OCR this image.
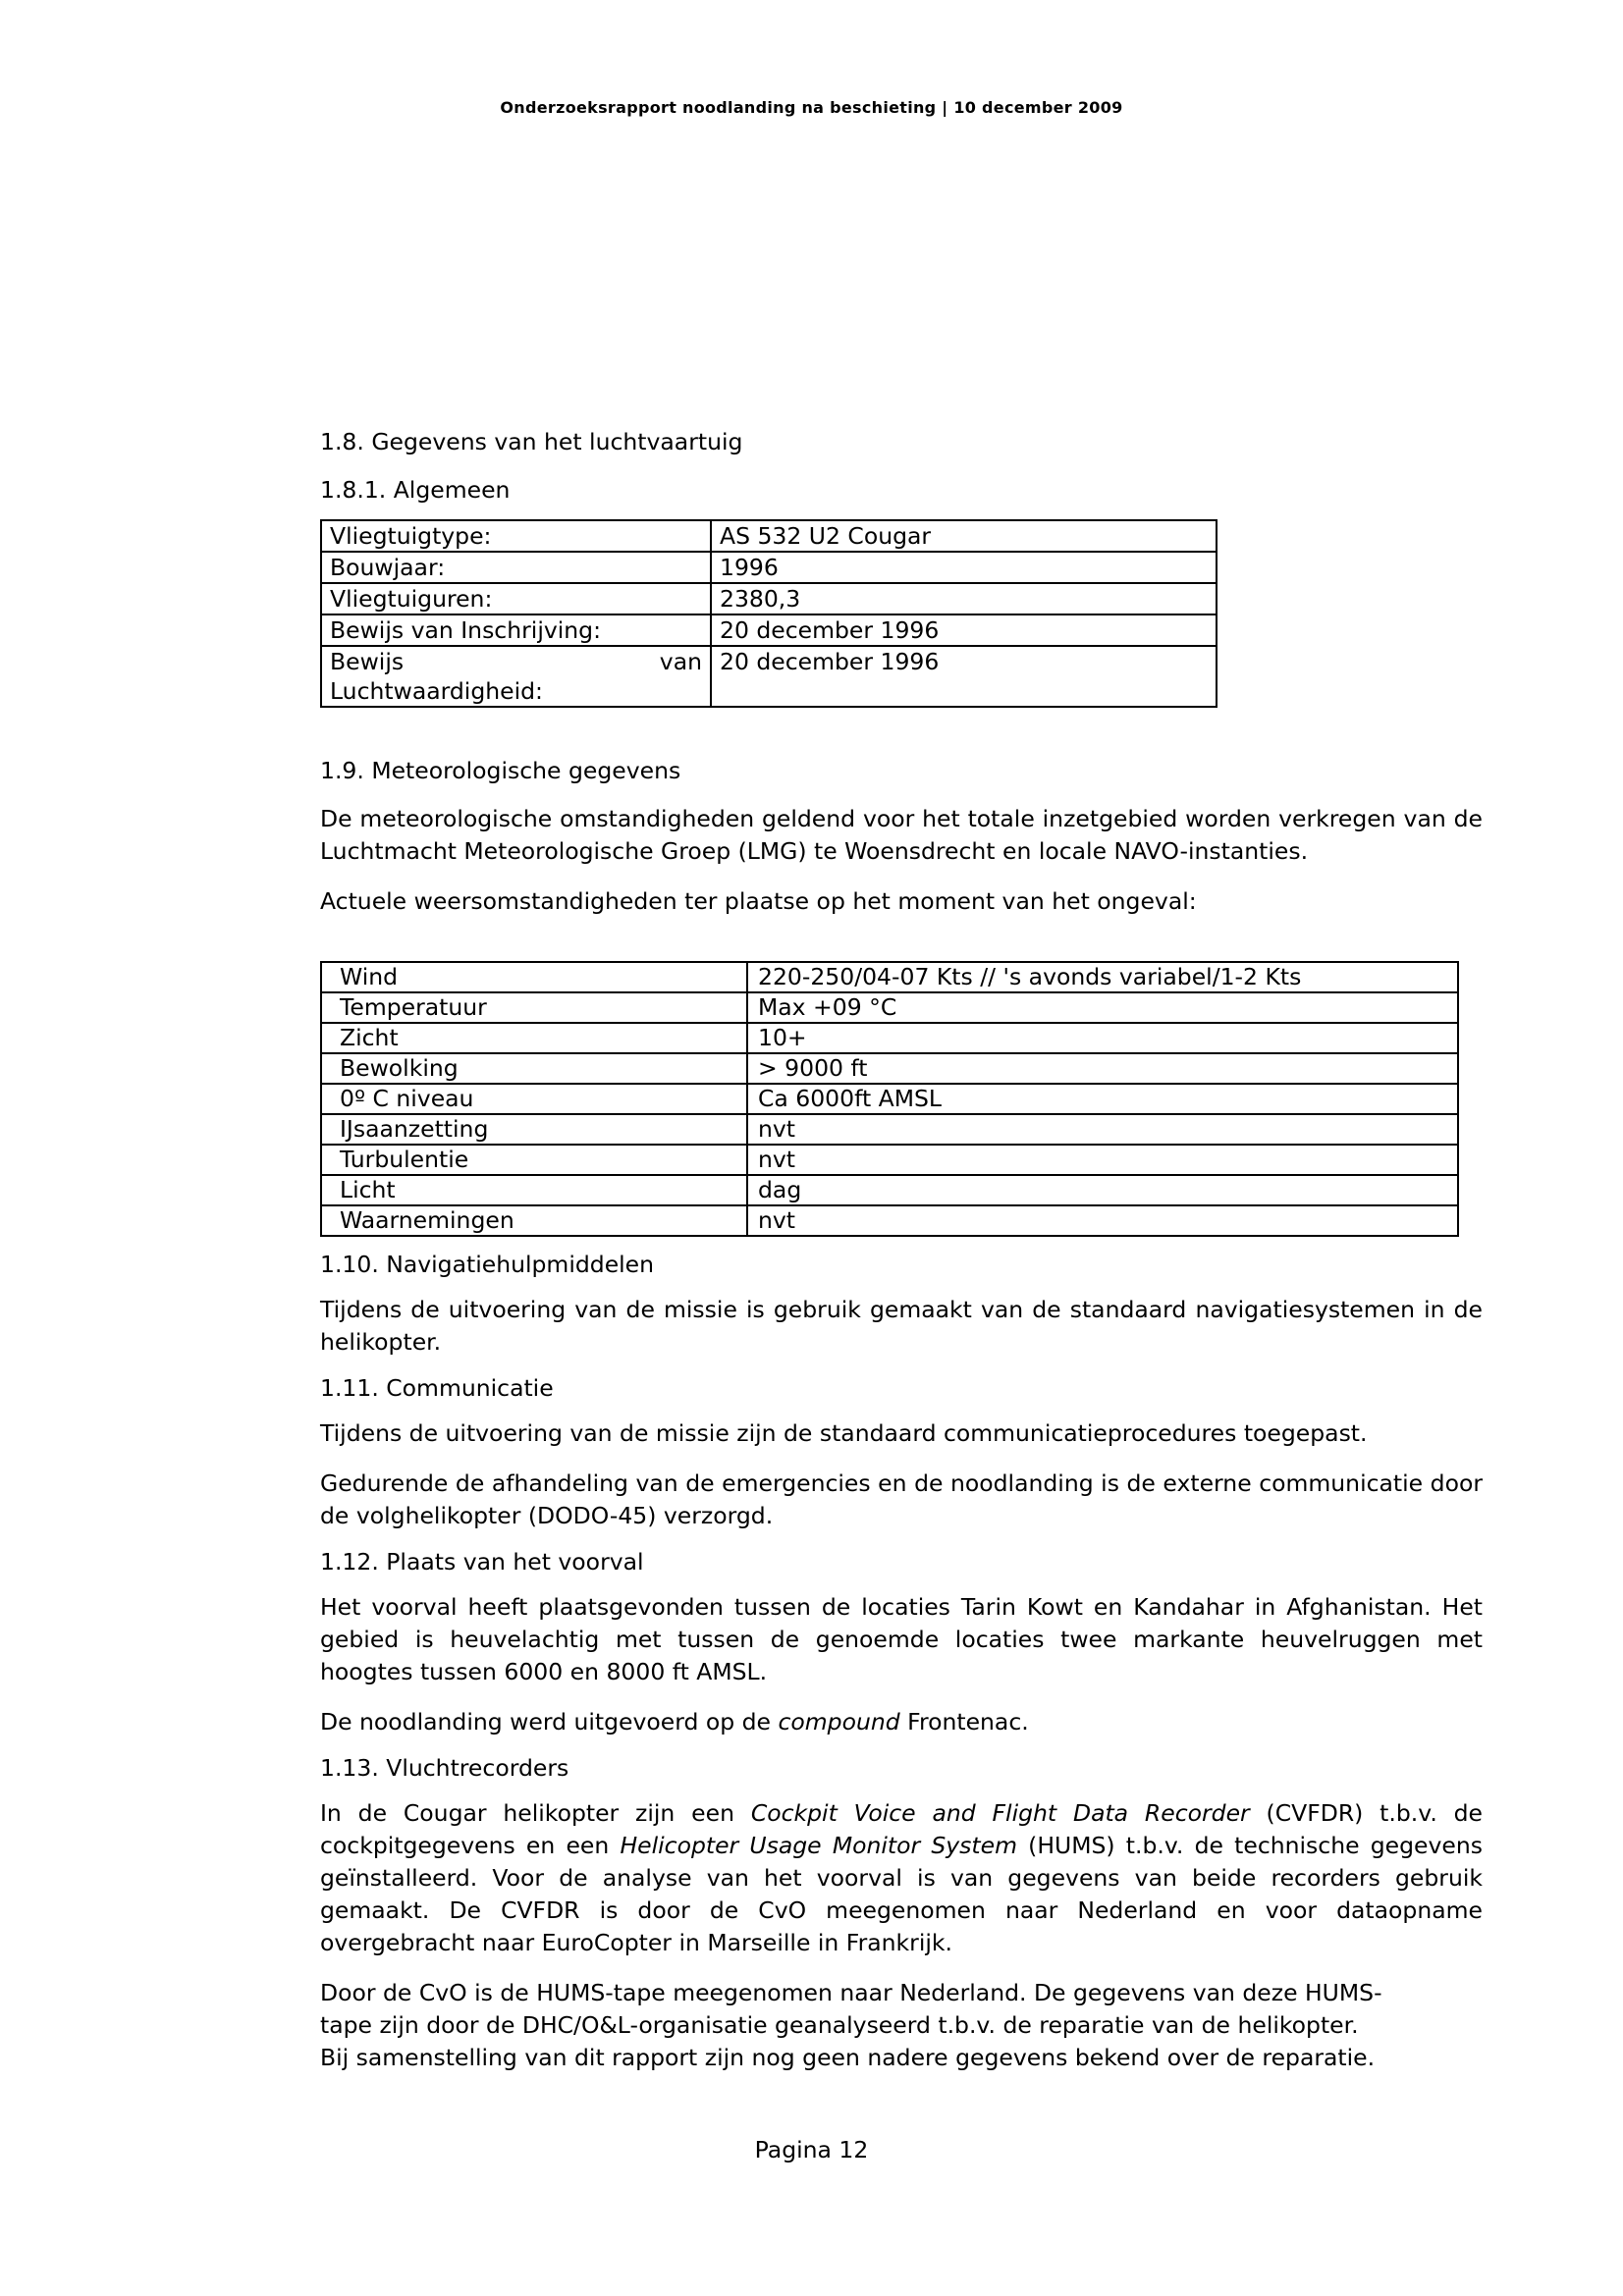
Onderzoeksrapport noodlanding na beschieting | 10 december 2009
1.8. Gegevens van het luchtvaartuig
1.8.1. Algemeen
Vliegtuigtype:	AS 532 U2 Cougar
Bouwjaar:	1996
Vliegtuiguren:	2380,3
Bewijs van Inschrijving:	20 december 1996

Bewijs van
Luchtwaardigheid:	20 december 1996
1.9. Meteorologische gegevens

De meteorologische omstandigheden geldend voor het totale inzetgebied worden verkregen van de Luchtmacht Meteorologische Groep (LMG) te Woensdrecht en locale NAVO-instanties.

Actuele weersomstandigheden ter plaatse op het moment van het ongeval:

Wind	220-250/04-07 Kts // 's avonds variabel/1-2 Kts
Temperatuur	Max +09 °C
Zicht	10+
Bewolking	> 9000 ft
0º C niveau	Ca 6000ft AMSL
IJsaanzetting	nvt
Turbulentie	nvt
Licht	dag
Waarnemingen	nvt
1.10. Navigatiehulpmiddelen

Tijdens de uitvoering van de missie is gebruik gemaakt van de standaard navigatiesystemen in de helikopter.

1.11. Communicatie

Tijdens de uitvoering van de missie zijn de standaard communicatieprocedures toegepast.

Gedurende de afhandeling van de emergencies en de noodlanding is de externe communicatie door de volghelikopter (DODO-45) verzorgd.

1.12. Plaats van het voorval

Het voorval heeft plaatsgevonden tussen de locaties Tarin Kowt en Kandahar in Afghanistan. Het gebied is heuvelachtig met tussen de genoemde locaties twee markante heuvelruggen met hoogtes tussen 6000 en 8000 ft AMSL.

De noodlanding werd uitgevoerd op de compound Frontenac.

1.13. Vluchtrecorders

In de Cougar helikopter zijn een Cockpit Voice and Flight Data Recorder (CVFDR) t.b.v. de cockpitgegevens en een Helicopter Usage Monitor System (HUMS) t.b.v. de technische gegevens geïnstalleerd. Voor de analyse van het voorval is van gegevens van beide recorders gebruik gemaakt. De CVFDR is door de CvO meegenomen naar Nederland en voor dataopname overgebracht naar EuroCopter in Marseille in Frankrijk.

Door de CvO is de HUMS-tape meegenomen naar Nederland. De gegevens van deze HUMS-
tape zijn door de DHC/O&L-organisatie geanalyseerd t.b.v. de reparatie van de helikopter.
Bij samenstelling van dit rapport zijn nog geen nadere gegevens bekend over de reparatie.
Pagina 12
